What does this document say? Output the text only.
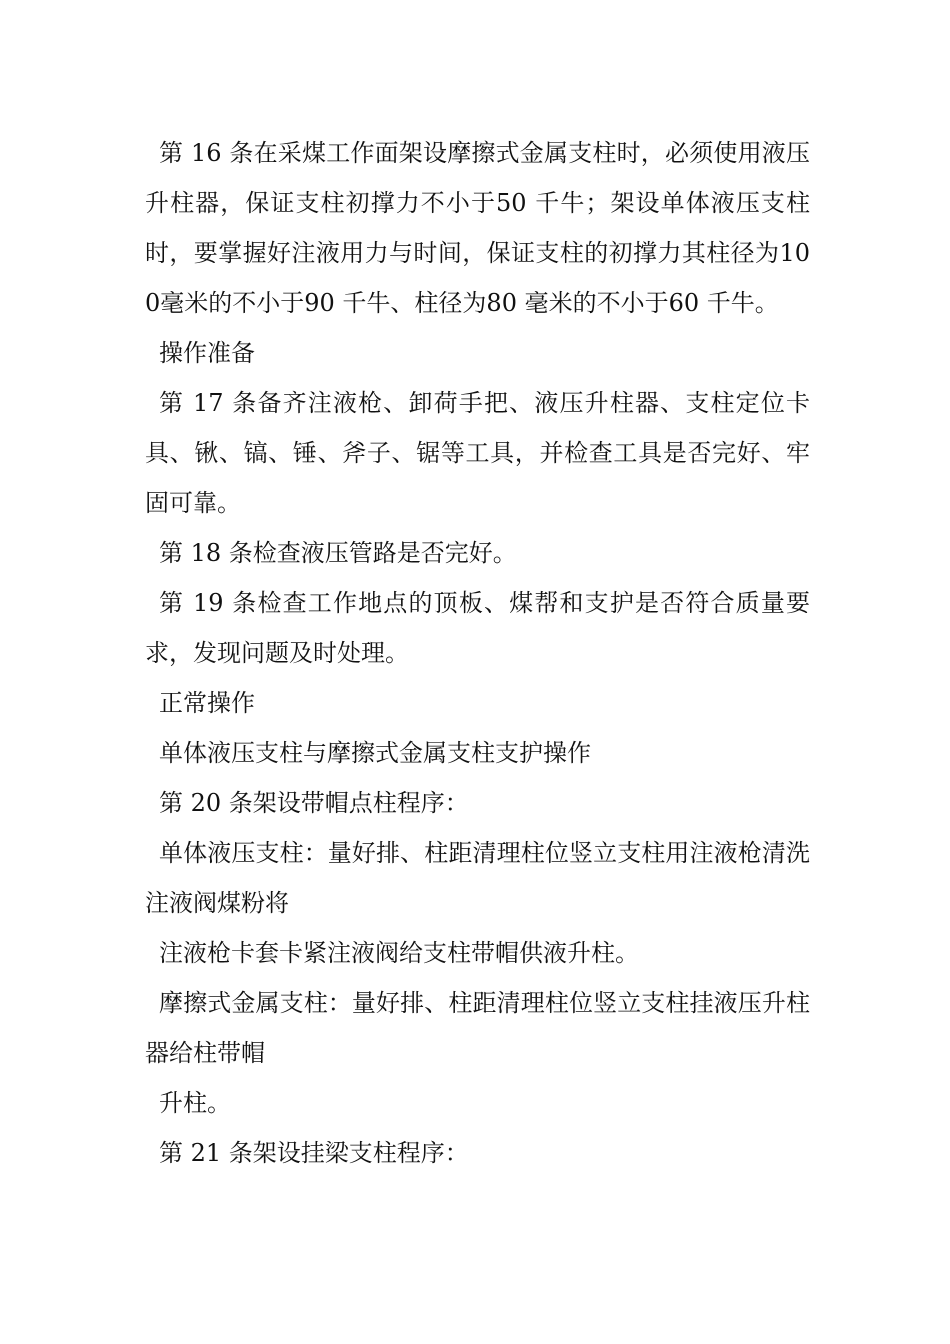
第 16 条在采煤工作面架设摩擦式金属支柱时，必须使用液压升柱器，保证支柱初撑力不小于50 千牛；架设单体液压支柱时，要掌握好注液用力与时间，保证支柱的初撑力其柱径为100毫米的不小于90 千牛、柱径为80 毫米的不小于60 千牛。

操作准备

第 17 条备齐注液枪、卸荷手把、液压升柱器、支柱定位卡具、锹、镐、锤、斧子、锯等工具，并检查工具是否完好、牢固可靠。

第 18 条检查液压管路是否完好。

第 19 条检查工作地点的顶板、煤帮和支护是否符合质量要求，发现问题及时处理。

正常操作

单体液压支柱与摩擦式金属支柱支护操作

第 20 条架设带帽点柱程序：

单体液压支柱：量好排、柱距清理柱位竖立支柱用注液枪清洗注液阀煤粉将

注液枪卡套卡紧注液阀给支柱带帽供液升柱。

摩擦式金属支柱：量好排、柱距清理柱位竖立支柱挂液压升柱器给柱带帽

升柱。

第 21 条架设挂梁支柱程序：
